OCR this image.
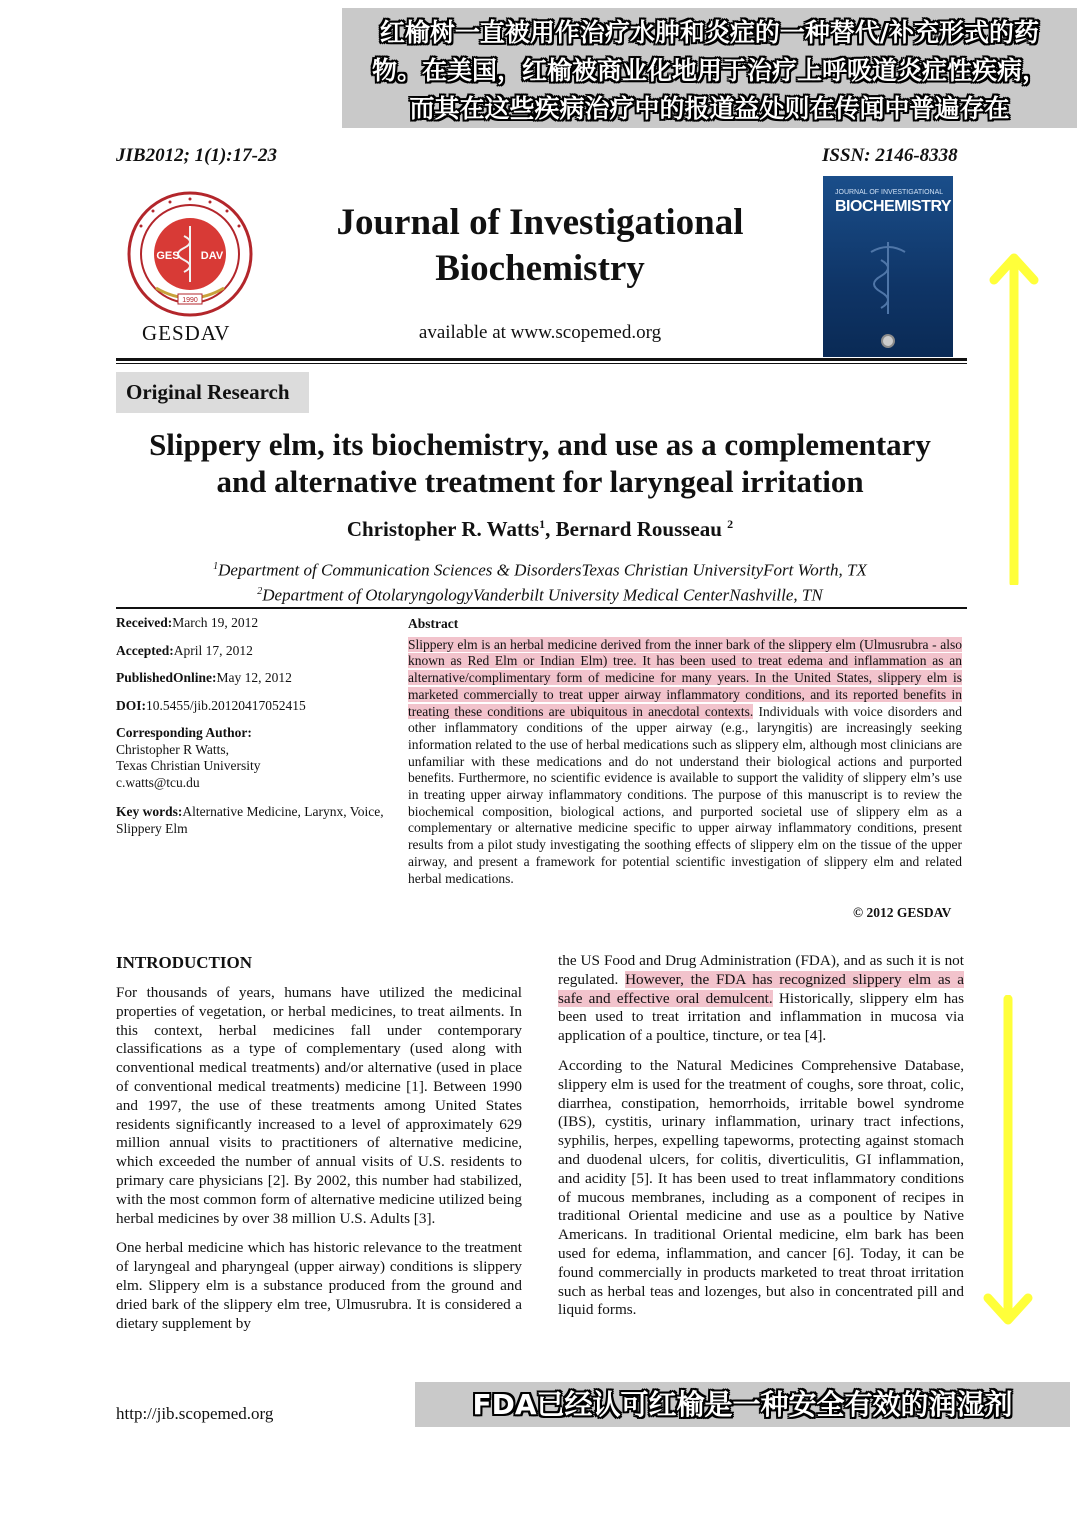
红榆树一直被用作治疗水肿和炎症的一种替代/补充形式的药
物。在美国，红榆被商业化地用于治疗上呼吸道炎症性疾病，
而其在这些疾病治疗中的报道益处则在传闻中普遍存在
JIB2012; 1(1):17-23	ISSN: 2146-8338
GES DAV
1990
GESDAV
Journal of Investigational
Biochemistry
available at www.scopemed.org
JOURNAL OF INVESTIGATIONAL
BIOCHEMISTRY
Original Research
Slippery elm, its biochemistry, and use as a complementary
and alternative treatment for laryngeal irritation
Christopher R. Watts$^1$, Bernard Rousseau $^2$
$^1$Department of Communication Sciences & DisordersTexas Christian UniversityFort Worth, TX
$^2$Department of OtolaryngologyVanderbilt University Medical CenterNashville, TN
Received:March 19, 2012
Accepted:April 17, 2012
PublishedOnline:May 12, 2012
DOI:10.5455/jib.20120417052415
Corresponding Author:
Christopher R Watts,
Texas Christian University
c.watts@tcu.du
Key words:Alternative Medicine, Larynx, Voice, Slippery Elm
Abstract
Slippery elm is an herbal medicine derived from the inner bark of the slippery elm (Ulmusrubra - also known as Red Elm or Indian Elm) tree. It has been used to treat edema and inflammation as an alternative/complimentary form of medicine for many years. In the United States, slippery elm is marketed commercially to treat upper airway inflammatory conditions, and its reported benefits in treating these conditions are ubiquitous in anecdotal contexts. Individuals with voice disorders and other inflammatory conditions of the upper airway (e.g., laryngitis) are increasingly seeking information related to the use of herbal medications such as slippery elm, although most clinicians are unfamiliar with these medications and do not understand their biological actions and purported benefits. Furthermore, no scientific evidence is available to support the validity of slippery elm’s use in treating upper airway inflammatory conditions. The purpose of this manuscript is to review the biochemical composition, biological actions, and purported societal use of slippery elm as a complementary or alternative medicine specific to upper airway inflammatory conditions, present results from a pilot study investigating the soothing effects of slippery elm on the tissue of the upper airway, and present a framework for potential scientific investigation of slippery elm and related herbal medications.
© 2012 GESDAV
INTRODUCTION

For thousands of years, humans have utilized the medicinal properties of vegetation, or herbal medicines, to treat ailments. In this context, herbal medicines fall under contemporary classifications as a type of complementary (used along with conventional medical treatments) and/or alternative (used in place of conventional medical treatments) medicine [1]. Between 1990 and 1997, the use of these treatments among United States residents significantly increased to a level of approximately 629 million annual visits to practitioners of alternative medicine, which exceeded the number of annual visits of U.S. residents to primary care physicians [2]. By 2002, this number had stabilized, with the most common form of alternative medicine utilized being herbal medicines by over 38 million U.S. Adults [3].

One herbal medicine which has historic relevance to the treatment of laryngeal and pharyngeal (upper airway) conditions is slippery elm. Slippery elm is a substance produced from the ground and dried bark of the slippery elm tree, Ulmusrubra. It is considered a dietary supplement by

the US Food and Drug Administration (FDA), and as such it is not regulated. However, the FDA has recognized slippery elm as a safe and effective oral demulcent. Historically, slippery elm has been used to treat irritation and inflammation in mucosa via application of a poultice, tincture, or tea [4].

According to the Natural Medicines Comprehensive Database, slippery elm is used for the treatment of coughs, sore throat, colic, diarrhea, constipation, hemorrhoids, irritable bowel syndrome (IBS), cystitis, urinary inflammation, urinary tract infections, syphilis, herpes, expelling tapeworms, protecting against stomach and duodenal ulcers, for colitis, diverticulitis, GI inflammation, and acidity [5]. It has been used to treat inflammatory conditions of mucous membranes, including as a component of recipes in traditional Oriental medicine and use as a poultice by Native Americans. In traditional Oriental medicine, elm bark has been used for edema, inflammation, and cancer [6]. Today, it can be found commercially in products marketed to treat throat irritation such as herbal teas and lozenges, but also in concentrated pill and liquid forms.

http://jib.scopemed.org	FDA已经认可红榆是一种安全有效的润湿剂
